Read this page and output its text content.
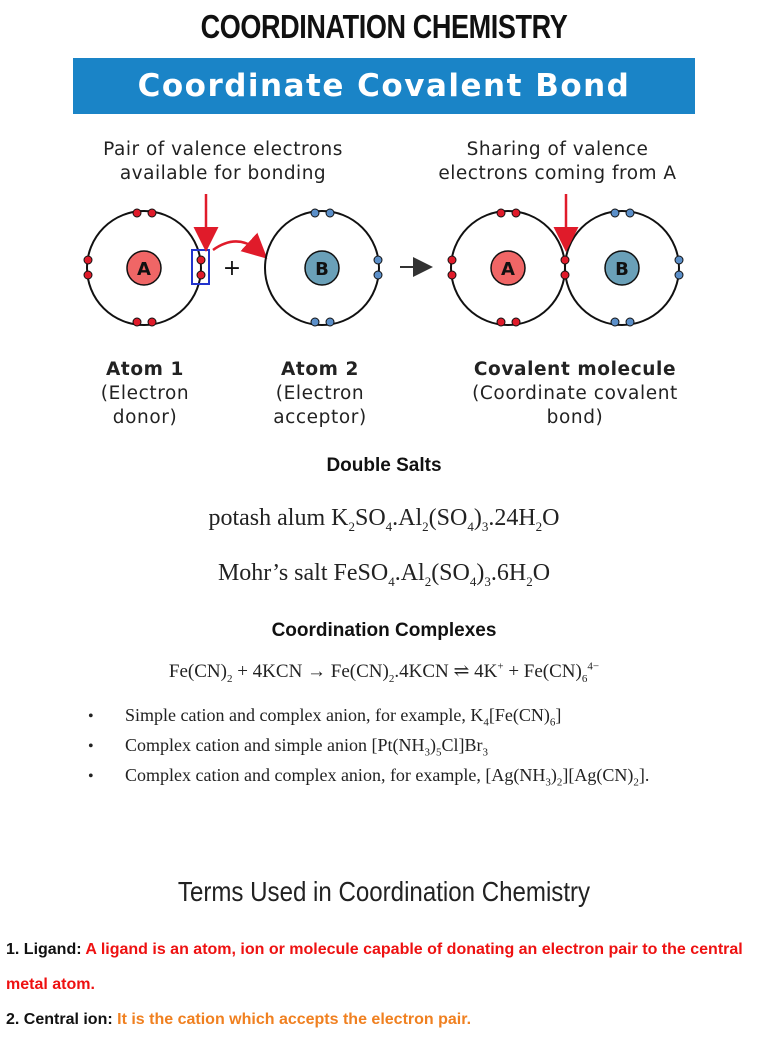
COORDINATION CHEMISTRY
Coordinate Covalent Bond
Pair of valence electrons
available for bonding
Sharing of valence
electrons coming from A
A	+	B	A	B
Atom 1
(Electron
donor)
Atom 2
(Electron
acceptor)
Covalent molecule
(Coordinate covalent
bond)
Double Salts
potash alum $K_2SO_4.Al_2(SO_4)_3.24H_2O$
Mohr’s salt $FeSO_4.Al_2(SO_4)_3.6H_2O$
Coordination Complexes
$Fe(CN)_2 + 4KCN \to Fe(CN)_2.4KCN$ ⇌ $4K^+ + Fe(CN)_6^{4-}$
•	Simple cation and complex anion, for example, $K_4[Fe(CN)_6]$
•	Complex cation and simple anion $[Pt(NH_3)_5Cl]Br_3$
•	Complex cation and complex anion, for example, $[Ag(NH_3)_2][Ag(CN)_2]$.
Terms Used in Coordination Chemistry
1. Ligand: A ligand is an atom, ion or molecule capable of donating an electron pair to the central metal atom.
2. Central ion: It is the cation which accepts the electron pair.
